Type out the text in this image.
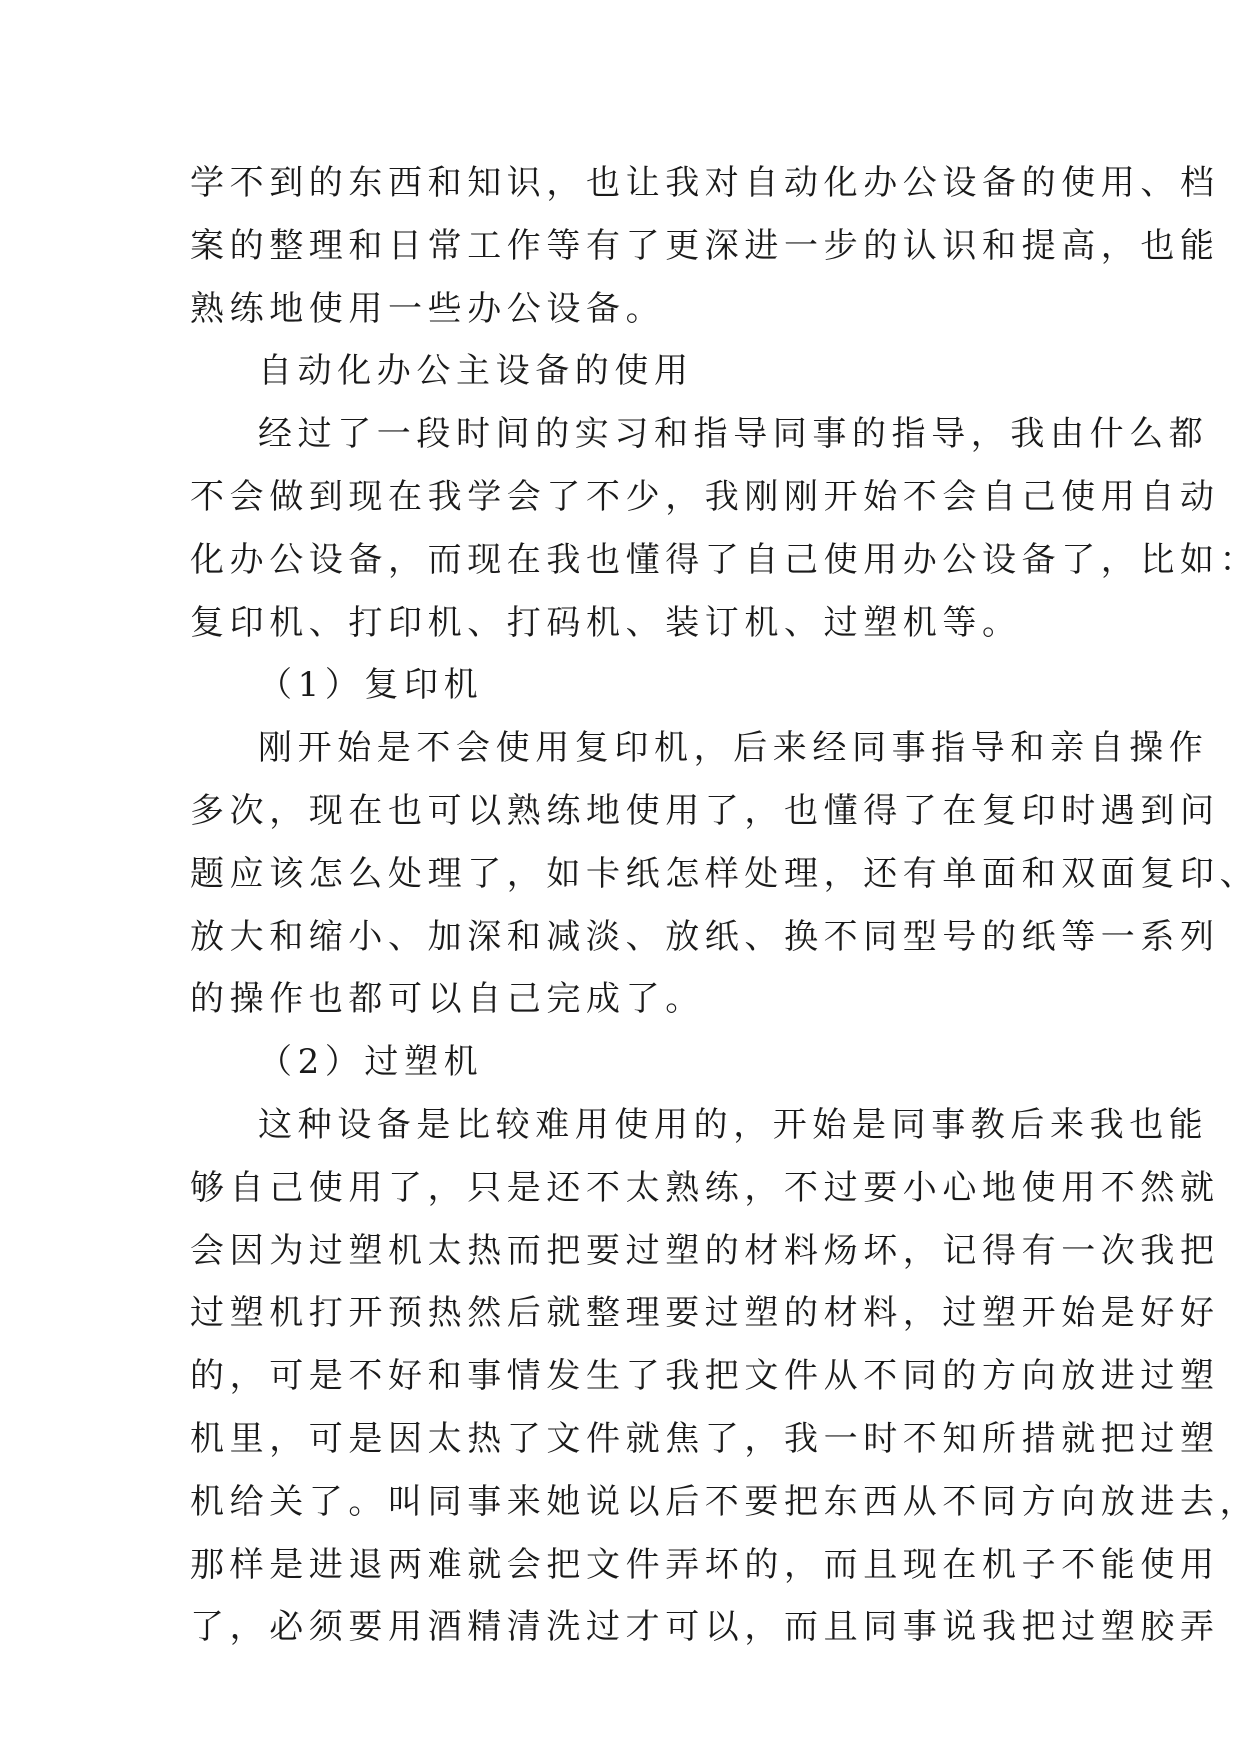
学不到的东西和知识，也让我对自动化办公设备的使用、档
案的整理和日常工作等有了更深进一步的认识和提高，也能
熟练地使用一些办公设备。
自动化办公主设备的使用
经过了一段时间的实习和指导同事的指导，我由什么都
不会做到现在我学会了不少，我刚刚开始不会自己使用自动
化办公设备，而现在我也懂得了自己使用办公设备了，比如：
复印机、打印机、打码机、装订机、过塑机等。
（1）复印机
刚开始是不会使用复印机，后来经同事指导和亲自操作
多次，现在也可以熟练地使用了，也懂得了在复印时遇到问
题应该怎么处理了，如卡纸怎样处理，还有单面和双面复印、
放大和缩小、加深和减淡、放纸、换不同型号的纸等一系列
的操作也都可以自己完成了。
（2）过塑机
这种设备是比较难用使用的，开始是同事教后来我也能
够自己使用了，只是还不太熟练，不过要小心地使用不然就
会因为过塑机太热而把要过塑的材料炀坏，记得有一次我把
过塑机打开预热然后就整理要过塑的材料，过塑开始是好好
的，可是不好和事情发生了我把文件从不同的方向放进过塑
机里，可是因太热了文件就焦了，我一时不知所措就把过塑
机给关了。叫同事来她说以后不要把东西从不同方向放进去，
那样是进退两难就会把文件弄坏的，而且现在机子不能使用
了，必须要用酒精清洗过才可以，而且同事说我把过塑胶弄
